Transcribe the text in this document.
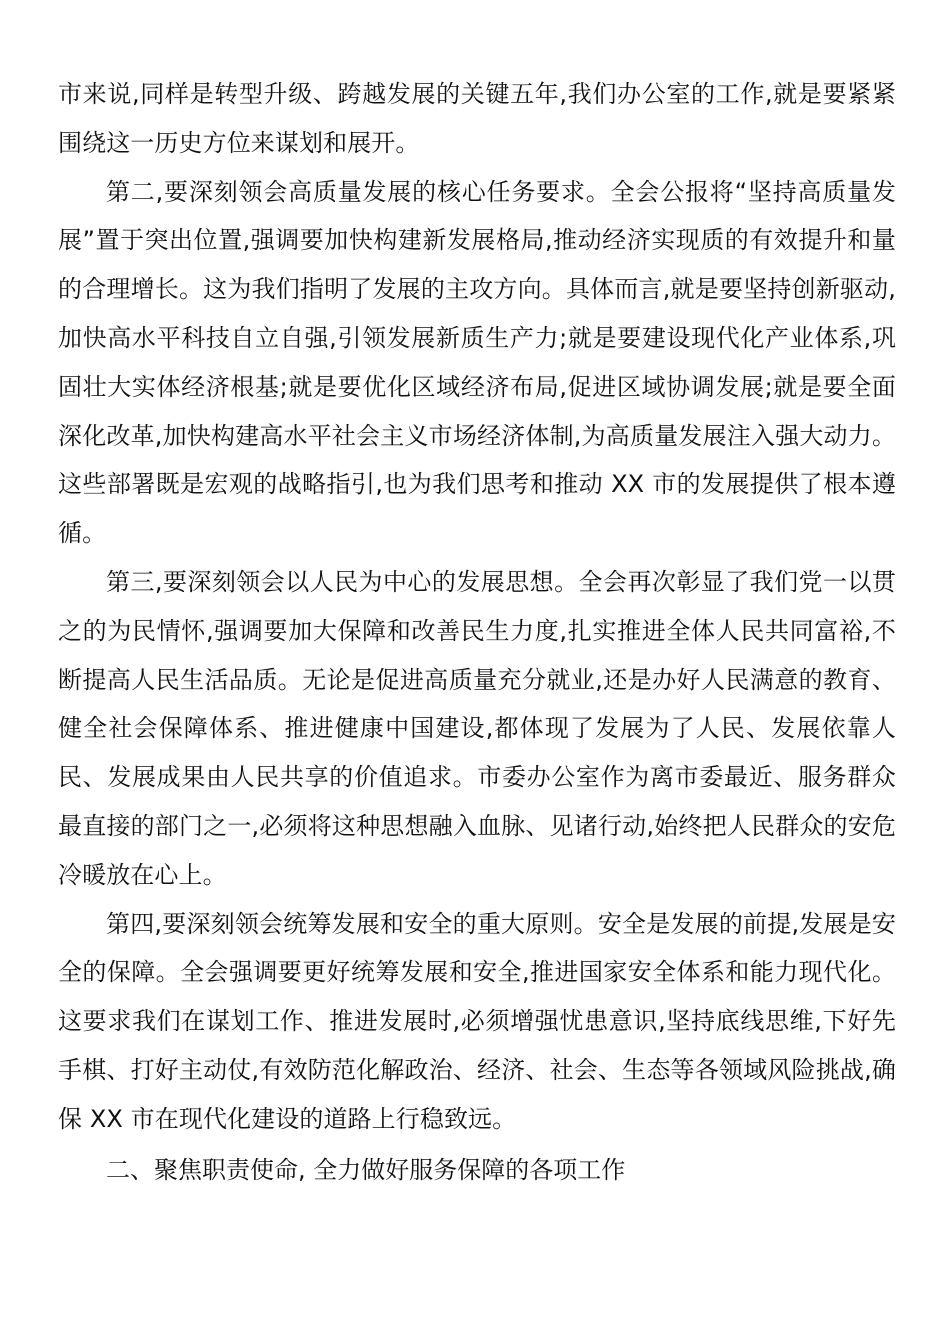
市来说,同样是转型升级、跨越发展的关键五年,我们办公室的工作,就是要紧紧围绕这一历史方位来谋划和展开。

第二,要深刻领会高质量发展的核心任务要求。全会公报将“坚持高质量发展”置于突出位置,强调要加快构建新发展格局,推动经济实现质的有效提升和量的合理增长。这为我们指明了发展的主攻方向。具体而言,就是要坚持创新驱动,加快高水平科技自立自强,引领发展新质生产力;就是要建设现代化产业体系,巩固壮大实体经济根基;就是要优化区域经济布局,促进区域协调发展;就是要全面深化改革,加快构建高水平社会主义市场经济体制,为高质量发展注入强大动力。这些部署既是宏观的战略指引,也为我们思考和推动 XX 市的发展提供了根本遵循。

第三,要深刻领会以人民为中心的发展思想。全会再次彰显了我们党一以贯之的为民情怀,强调要加大保障和改善民生力度,扎实推进全体人民共同富裕,不断提高人民生活品质。无论是促进高质量充分就业,还是办好人民满意的教育、健全社会保障体系、推进健康中国建设,都体现了发展为了人民、发展依靠人民、发展成果由人民共享的价值追求。市委办公室作为离市委最近、服务群众最直接的部门之一,必须将这种思想融入血脉、见诸行动,始终把人民群众的安危冷暖放在心上。

第四,要深刻领会统筹发展和安全的重大原则。安全是发展的前提,发展是安全的保障。全会强调要更好统筹发展和安全,推进国家安全体系和能力现代化。这要求我们在谋划工作、推进发展时,必须增强忧患意识,坚持底线思维,下好先手棋、打好主动仗,有效防范化解政治、经济、社会、生态等各领域风险挑战,确保 XX 市在现代化建设的道路上行稳致远。

二、聚焦职责使命, 全力做好服务保障的各项工作
